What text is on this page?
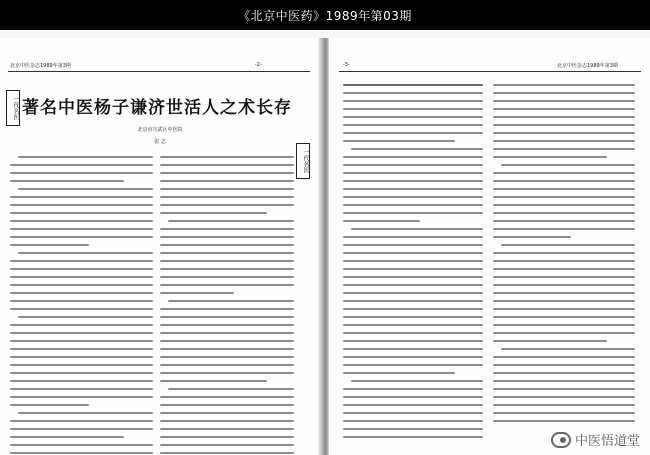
《北京中医药》1989年第03期
北京中医杂志1989年第3期	-2-
一代名医
一代名医
著名中医杨子谦济世活人之术长存
北京市宣武区中医院
张 志
-3-	北京中医杂志1989年第3期
中医悟道堂
